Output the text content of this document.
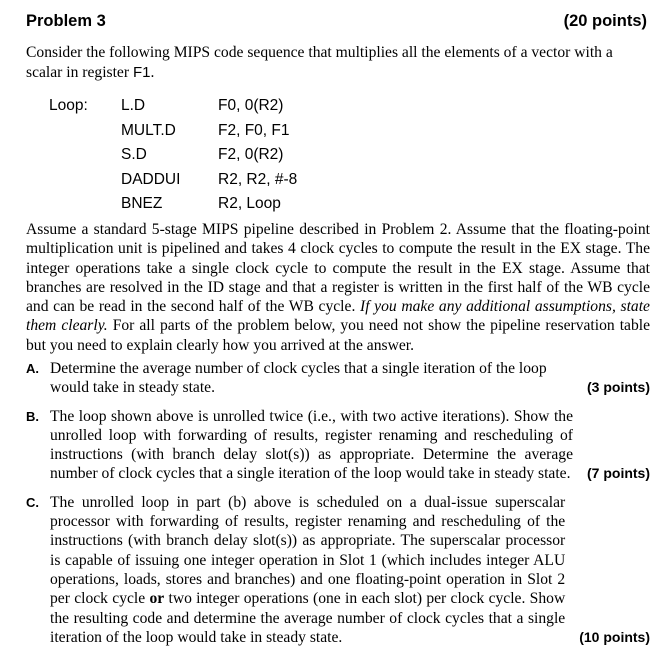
Problem 3	(20 points)
Consider the following MIPS code sequence that multiplies all the elements of a vector with a scalar in register F1.
Loop: L.D	F0, 0(R2)
MULT.D	F2, F0, F1
S.D	F2, 0(R2)
DADDUI R2, R2, #-8
BNEZ	R2, Loop
Assume a standard 5-stage MIPS pipeline described in Problem 2. Assume that the floating-point multiplication unit is pipelined and takes 4 clock cycles to compute the result in the EX stage. The integer operations take a single clock cycle to compute the result in the EX stage. Assume that branches are resolved in the ID stage and that a register is written in the first half of the WB cycle and can be read in the second half of the WB cycle. If you make any additional assumptions, state them clearly. For all parts of the problem below, you need not show the pipeline reservation table but you need to explain clearly how you arrived at the answer.
A. Determine the average number of clock cycles that a single iteration of the loop would take in steady state.	(3 points)
B. The loop shown above is unrolled twice (i.e., with two active iterations). Show the unrolled loop with forwarding of results, register renaming and rescheduling of instructions (with branch delay slot(s)) as appropriate. Determine the average number of clock cycles that a single iteration of the loop would take in steady state.	(7 points)
C. The unrolled loop in part (b) above is scheduled on a dual-issue superscalar processor with forwarding of results, register renaming and rescheduling of the instructions (with branch delay slot(s)) as appropriate. The superscalar processor is capable of issuing one integer operation in Slot 1 (which includes integer ALU operations, loads, stores and branches) and one floating-point operation in Slot 2 per clock cycle or two integer operations (one in each slot) per clock cycle. Show the resulting code and determine the average number of clock cycles that a single iteration of the loop would take in steady state.	(10 points)
